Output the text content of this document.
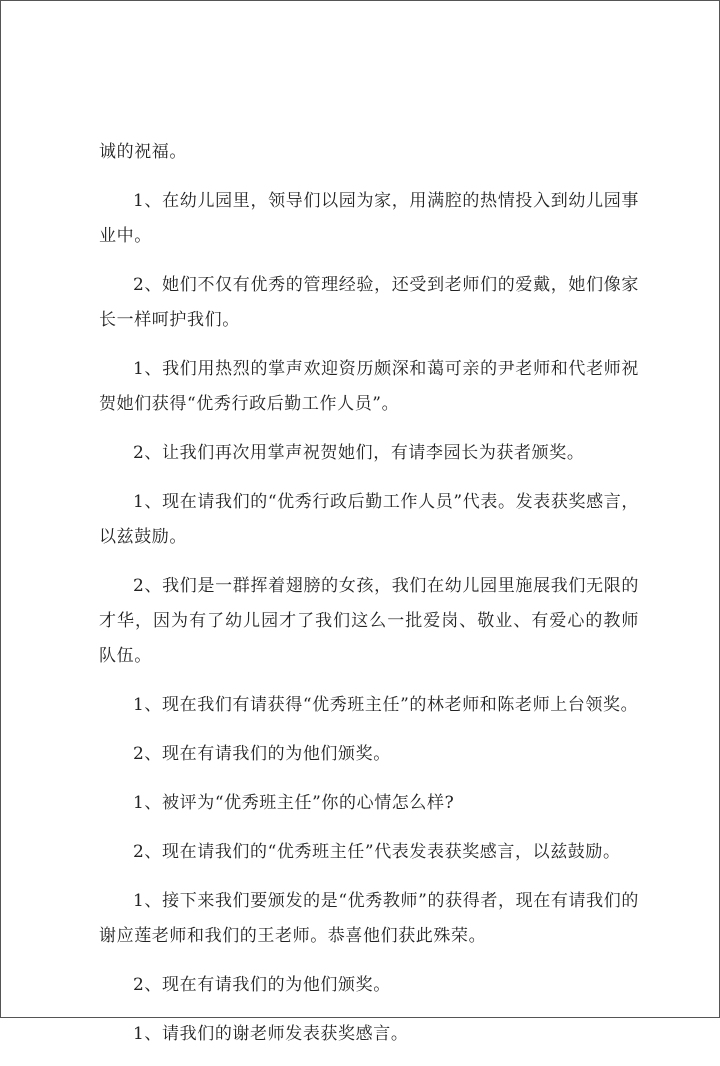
诚的祝福。

1、在幼儿园里，领导们以园为家，用满腔的热情投入到幼儿园事业中。

2、她们不仅有优秀的管理经验，还受到老师们的爱戴，她们像家长一样呵护我们。

1、我们用热烈的掌声欢迎资历颇深和蔼可亲的尹老师和代老师祝贺她们获得“优秀行政后勤工作人员”。

2、让我们再次用掌声祝贺她们，有请李园长为获者颁奖。

1、现在请我们的“优秀行政后勤工作人员”代表。发表获奖感言，以兹鼓励。

2、我们是一群挥着翅膀的女孩，我们在幼儿园里施展我们无限的才华，因为有了幼儿园才了我们这么一批爱岗、敬业、有爱心的教师队伍。

1、现在我们有请获得“优秀班主任”的林老师和陈老师上台领奖。

2、现在有请我们的为他们颁奖。

1、被评为“优秀班主任”你的心情怎么样?

2、现在请我们的“优秀班主任”代表发表获奖感言，以兹鼓励。

1、接下来我们要颁发的是“优秀教师”的获得者，现在有请我们的谢应莲老师和我们的王老师。恭喜他们获此殊荣。

2、现在有请我们的为他们颁奖。

1、请我们的谢老师发表获奖感言。
